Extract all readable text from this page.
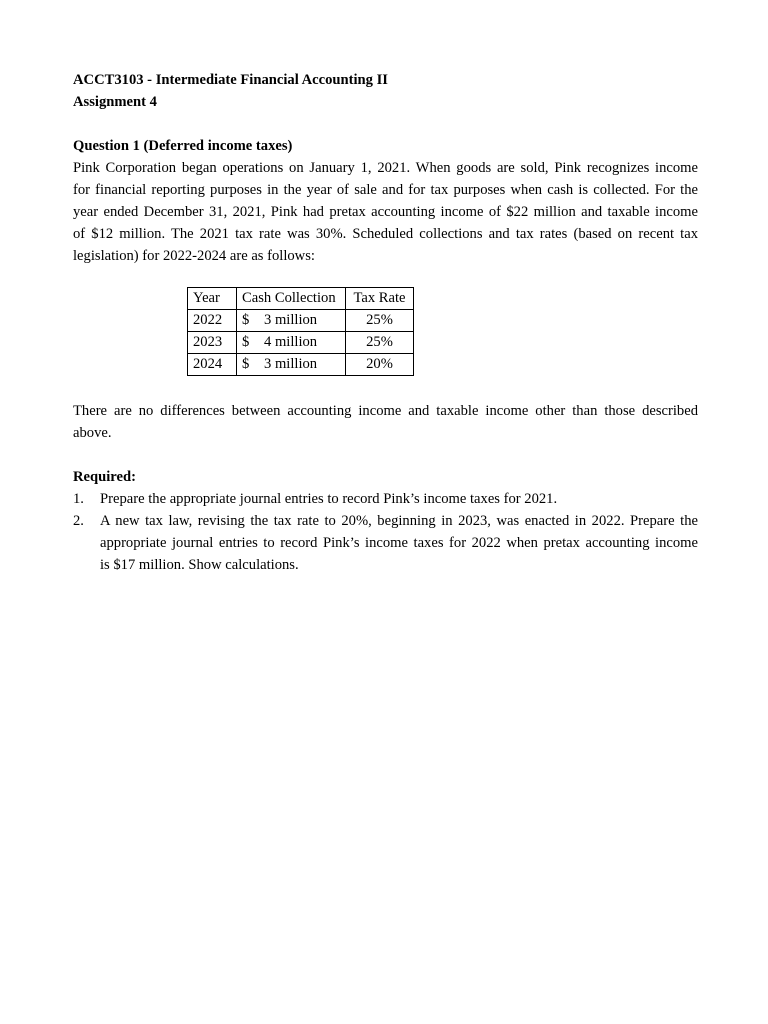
ACCT3103 - Intermediate Financial Accounting II

Assignment 4

Question 1 (Deferred income taxes)

Pink Corporation began operations on January 1, 2021. When goods are sold, Pink recognizes income
for financial reporting purposes in the year of sale and for tax purposes when cash is collected. For the
year ended December 31, 2021, Pink had pretax accounting income of $22 million and taxable income
of $12 million. The 2021 tax rate was 30%. Scheduled collections and tax rates (based on recent tax
legislation) for 2022-2024 are as follows:
Year	Cash Collection	Tax Rate
2022	$ 3 million	25%
2023	$ 4 million	25%
2024	$ 3 million	20%
There are no differences between accounting income and taxable income other than those described
above.

Required:

1. Prepare the appropriate journal entries to record Pink’s income taxes for 2021.
2. A new tax law, revising the tax rate to 20%, beginning in 2023, was enacted in 2022. Prepare the
appropriate journal entries to record Pink’s income taxes for 2022 when pretax accounting income
is $17 million. Show calculations.
